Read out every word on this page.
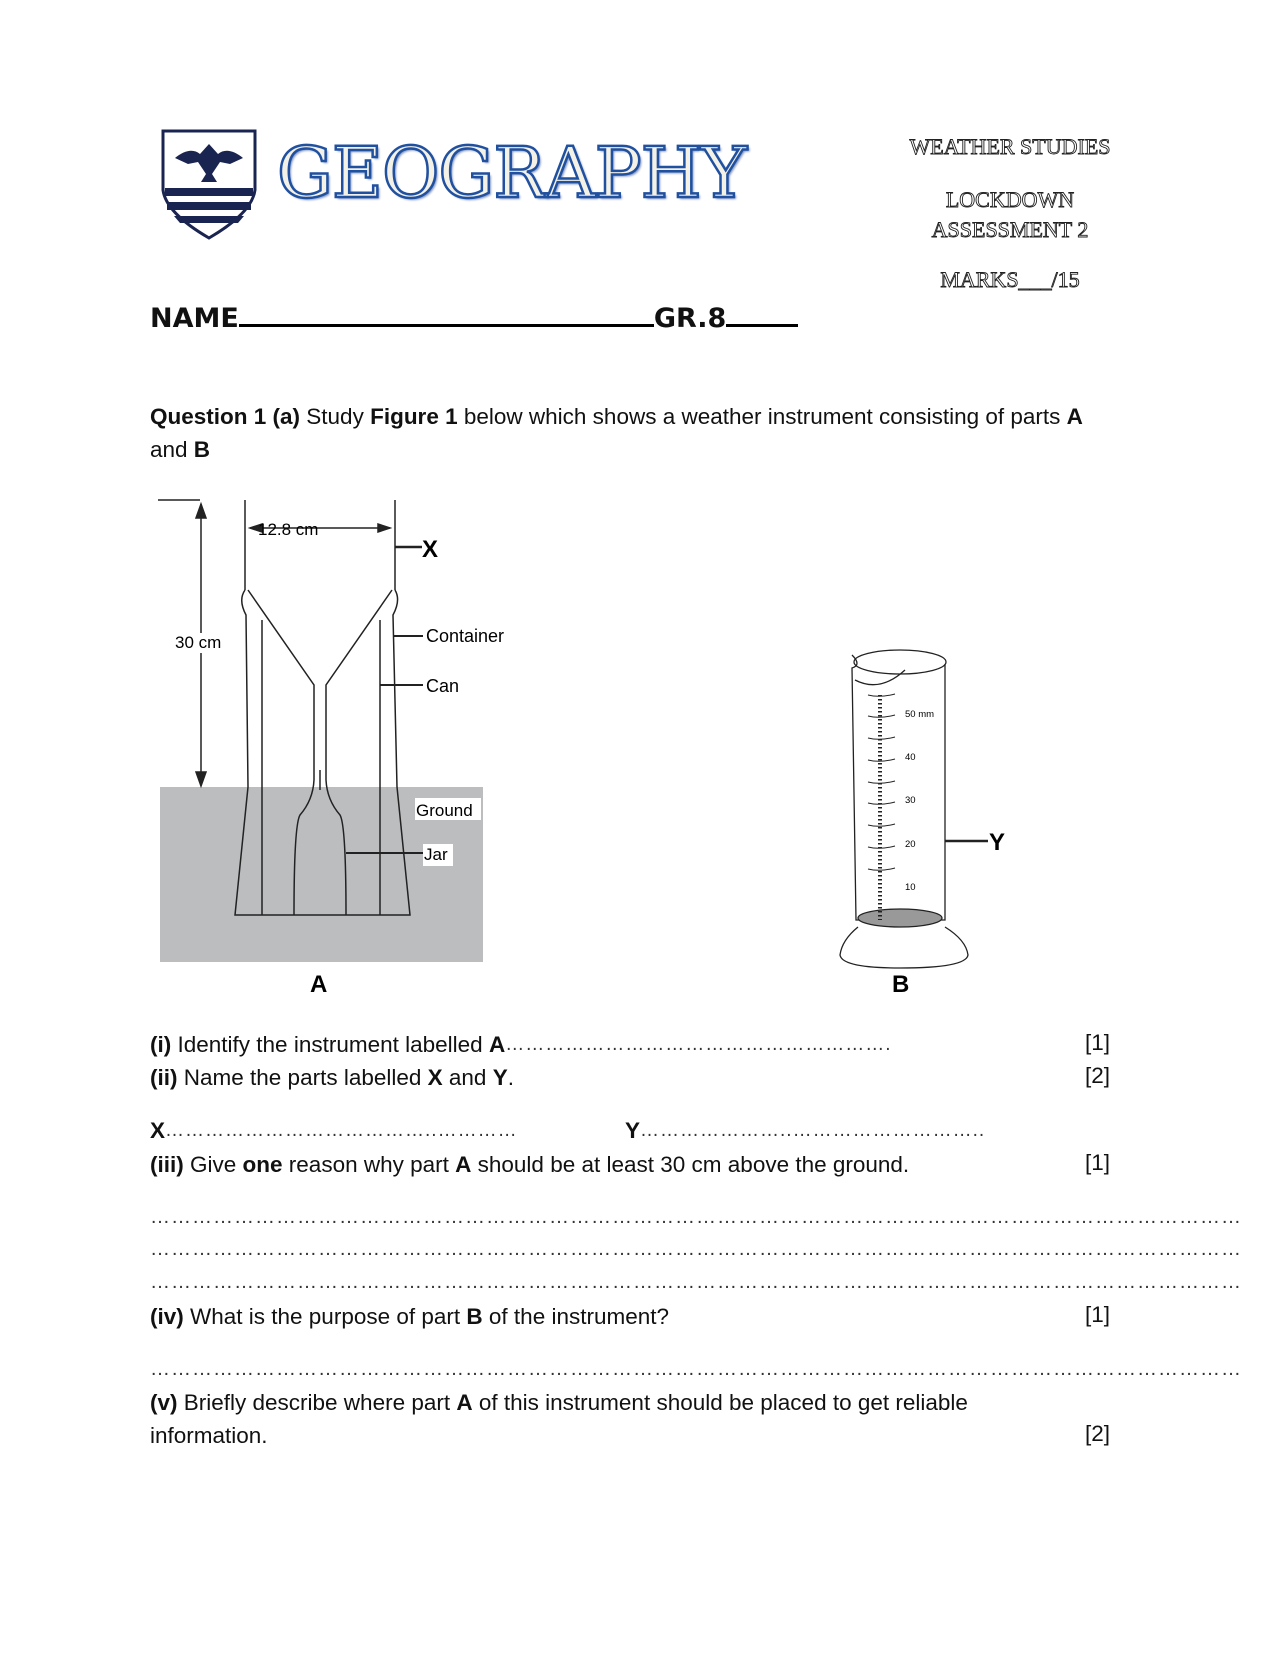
GEOGRAPHY	WEATHER STUDIES
LOCKDOWN
ASSESSMENT 2
MARKS___/15
NAME	GR.8
Question 1 (a) Study Figure 1 below which shows a weather instrument consisting of parts A and B
12.8 cm
30 cm
X
Container
Can
Ground
Jar
A
50 mm
40
30
20
10
Y
B
(i) Identify the instrument labelled A………………………………………………….	[1]
(ii) Name the parts labelled X and Y.	[2]
X…………………………………..…………	Y…………………..………………………..
(iii) Give one reason why part A should be at least 30 cm above the ground.	[1]
…………………………………………………………………………………………………………………………………………
…………………………………………………………………………………………………………………………………………
…………………………………………………………………………………………………………………………………………
(iv) What is the purpose of part B of the instrument?	[1]
…………………………………………………………………………………………………………………………………………
(v) Briefly describe where part A of this instrument should be placed to get reliable
information.	[2]
